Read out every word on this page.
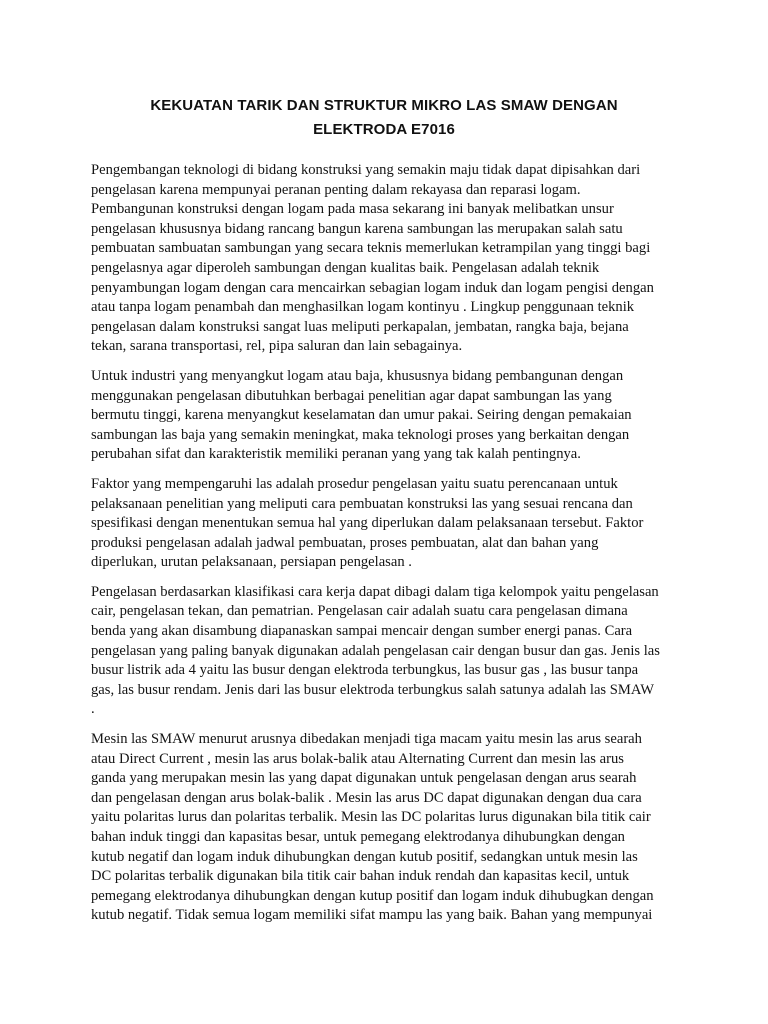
KEKUATAN TARIK DAN STRUKTUR MIKRO LAS SMAW DENGAN
ELEKTRODA E7016
Pengembangan teknologi di bidang konstruksi yang semakin maju tidak dapat dipisahkan dari
pengelasan karena mempunyai peranan penting dalam rekayasa dan reparasi logam.
Pembangunan konstruksi dengan logam pada masa sekarang ini banyak melibatkan unsur
pengelasan khususnya bidang rancang bangun karena sambungan las merupakan salah satu
pembuatan sambuatan sambungan yang secara teknis memerlukan ketrampilan yang tinggi bagi
pengelasnya agar diperoleh sambungan dengan kualitas baik. Pengelasan adalah teknik
penyambungan logam dengan cara mencairkan sebagian logam induk dan logam pengisi dengan
atau tanpa logam penambah dan menghasilkan logam kontinyu . Lingkup penggunaan teknik
pengelasan dalam konstruksi sangat luas meliputi perkapalan, jembatan, rangka baja, bejana
tekan, sarana transportasi, rel, pipa saluran dan lain sebagainya.
Untuk industri yang menyangkut logam atau baja, khususnya bidang pembangunan dengan
menggunakan pengelasan dibutuhkan berbagai penelitian agar dapat sambungan las yang
bermutu tinggi, karena menyangkut keselamatan dan umur pakai. Seiring dengan pemakaian
sambungan las baja yang semakin meningkat, maka teknologi proses yang berkaitan dengan
perubahan sifat dan karakteristik memiliki peranan yang yang tak kalah pentingnya.
Faktor yang mempengaruhi las adalah prosedur pengelasan yaitu suatu perencanaan untuk
pelaksanaan penelitian yang meliputi cara pembuatan konstruksi las yang sesuai rencana dan
spesifikasi dengan menentukan semua hal yang diperlukan dalam pelaksanaan tersebut. Faktor
produksi pengelasan adalah jadwal pembuatan, proses pembuatan, alat dan bahan yang
diperlukan, urutan pelaksanaan, persiapan pengelasan .
Pengelasan berdasarkan klasifikasi cara kerja dapat dibagi dalam tiga kelompok yaitu pengelasan
cair, pengelasan tekan, dan pematrian. Pengelasan cair adalah suatu cara pengelasan dimana
benda yang akan disambung diapanaskan sampai mencair dengan sumber energi panas. Cara
pengelasan yang paling banyak digunakan adalah pengelasan cair dengan busur dan gas. Jenis las
busur listrik ada 4 yaitu las busur dengan elektroda terbungkus, las busur gas , las busur tanpa
gas, las busur rendam. Jenis dari las busur elektroda terbungkus salah satunya adalah las SMAW
.
Mesin las SMAW menurut arusnya dibedakan menjadi tiga macam yaitu mesin las arus searah
atau Direct Current , mesin las arus bolak-balik atau Alternating Current dan mesin las arus
ganda yang merupakan mesin las yang dapat digunakan untuk pengelasan dengan arus searah
dan pengelasan dengan arus bolak-balik . Mesin las arus DC dapat digunakan dengan dua cara
yaitu polaritas lurus dan polaritas terbalik. Mesin las DC polaritas lurus digunakan bila titik cair
bahan induk tinggi dan kapasitas besar, untuk pemegang elektrodanya dihubungkan dengan
kutub negatif dan logam induk dihubungkan dengan kutub positif, sedangkan untuk mesin las
DC polaritas terbalik digunakan bila titik cair bahan induk rendah dan kapasitas kecil, untuk
pemegang elektrodanya dihubungkan dengan kutup positif dan logam induk dihubugkan dengan
kutub negatif. Tidak semua logam memiliki sifat mampu las yang baik. Bahan yang mempunyai
